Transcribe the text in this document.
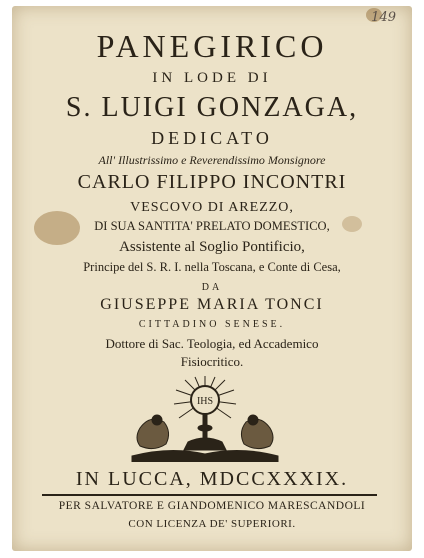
149
PANEGIRICO
IN LODE DI
S. LUIGI GONZAGA,
DEDICATO
All' Illustrissimo e Reverendissimo Monsignore
CARLO FILIPPO INCONTRI
VESCOVO DI AREZZO,
DI SUA SANTITA' PRELATO DOMESTICO,
Assistente al Soglio Pontificio,
Principe del S. R. I. nella Toscana, e Conte di Cesa,
DA
GIUSEPPE MARIA TONCI
CITTADINO SENESE.
Dottore di Sac. Teologia, ed Accademico
Fisiocritico.
IHS
IN LUCCA, MDCCXXXIX.
PER SALVATORE E GIANDOMENICO MARESCANDOLI
CON LICENZA DE' SUPERIORI.
